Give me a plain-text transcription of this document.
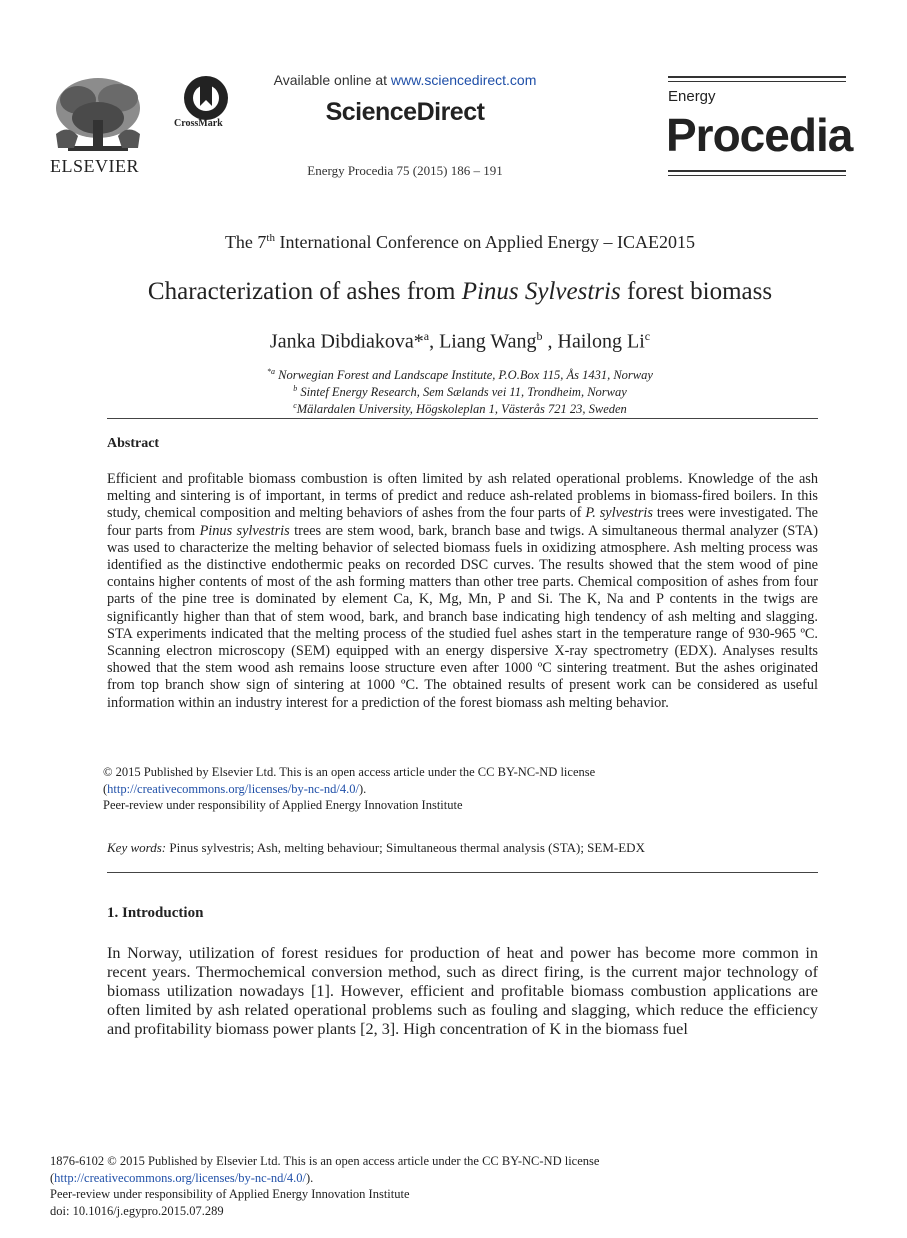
ELSEVIER
CrossMark
Available online at www.sciencedirect.com
ScienceDirect
Energy Procedia 75 (2015) 186 – 191
Energy
Procedia
The 7th International Conference on Applied Energy – ICAE2015
Characterization of ashes from Pinus Sylvestris forest biomass
Janka Dibdiakova*$^a$, Liang Wang$^b$ , Hailong Li$^c$
$^{*a}$ Norwegian Forest and Landscape Institute, P.O.Box 115, Ås 1431, Norway
$^b$ Sintef Energy Research, Sem Sælands vei 11, Trondheim, Norway
$^c$Mälardalen University, Högskoleplan 1, Västerås 721 23, Sweden
Abstract
Efficient and profitable biomass combustion is often limited by ash related operational problems. Knowledge of the ash melting and sintering is of important, in terms of predict and reduce ash-related problems in biomass-fired boilers. In this study, chemical composition and melting behaviors of ashes from the four parts of P. sylvestris trees were investigated. The four parts from Pinus sylvestris trees are stem wood, bark, branch base and twigs. A simultaneous thermal analyzer (STA) was used to characterize the melting behavior of selected biomass fuels in oxidizing atmosphere. Ash melting process was identified as the distinctive endothermic peaks on recorded DSC curves. The results showed that the stem wood of pine contains higher contents of most of the ash forming matters than other tree parts. Chemical composition of ashes from four parts of the pine tree is dominated by element Ca, K, Mg, Mn, P and Si. The K, Na and P contents in the twigs are significantly higher than that of stem wood, bark, and branch base indicating high tendency of ash melting and slagging. STA experiments indicated that the melting process of the studied fuel ashes start in the temperature range of 930-965 ºC. Scanning electron microscopy (SEM) equipped with an energy dispersive X-ray spectrometry (EDX). Analyses results showed that the stem wood ash remains loose structure even after 1000 ºC sintering treatment. But the ashes originated from top branch show sign of sintering at 1000 ºC. The obtained results of present work can be considered as useful information within an industry interest for a prediction of the forest biomass ash melting behavior.
© 2015 Published by Elsevier Ltd. This is an open access article under the CC BY-NC-ND license
(http://creativecommons.org/licenses/by-nc-nd/4.0/).
Peer-review under responsibility of Applied Energy Innovation Institute
Key words: Pinus sylvestris; Ash, melting behaviour; Simultaneous thermal analysis (STA); SEM-EDX
1. Introduction
In Norway, utilization of forest residues for production of heat and power has become more common in recent years. Thermochemical conversion method, such as direct firing, is the current major technology of biomass utilization nowadays [1]. However, efficient and profitable biomass combustion applications are often limited by ash related operational problems such as fouling and slagging, which reduce the efficiency and profitability biomass power plants [2, 3]. High concentration of K in the biomass fuel
1876-6102 © 2015 Published by Elsevier Ltd. This is an open access article under the CC BY-NC-ND license
(http://creativecommons.org/licenses/by-nc-nd/4.0/).
Peer-review under responsibility of Applied Energy Innovation Institute
doi: 10.1016/j.egypro.2015.07.289
